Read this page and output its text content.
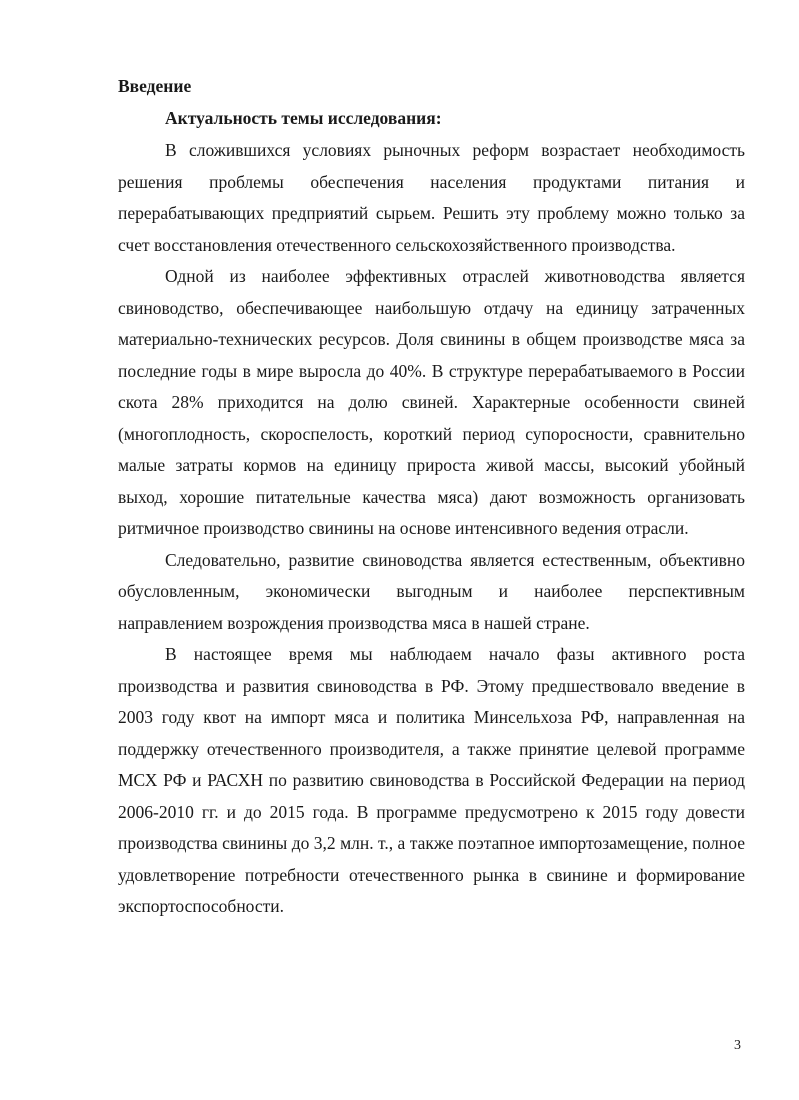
Введение
Актуальность темы исследования:

В сложившихся условиях рыночных реформ возрастает необходимость решения проблемы обеспечения населения продуктами питания и перерабатывающих предприятий сырьем. Решить эту проблему можно только за счет восстановления отечественного сельскохозяйственного производства.

Одной из наиболее эффективных отраслей животноводства является свиноводство, обеспечивающее наибольшую отдачу на единицу затраченных материально-технических ресурсов. Доля свинины в общем производстве мяса за последние годы в мире выросла до 40%. В структуре перерабатываемого в России скота 28% приходится на долю свиней. Характерные особенности свиней (многоплодность, скороспелость, короткий период супоросности, сравнительно малые затраты кормов на единицу прироста живой массы, высокий убойный выход, хорошие питательные качества мяса) дают возможность организовать ритмичное производство свинины на основе интенсивного ведения отрасли.

Следовательно, развитие свиноводства является естественным, объективно обусловленным, экономически выгодным и наиболее перспективным направлением возрождения производства мяса в нашей стране.

В настоящее время мы наблюдаем начало фазы активного роста производства и развития свиноводства в РФ. Этому предшествовало введение в 2003 году квот на импорт мяса и политика Минсельхоза РФ, направленная на поддержку отечественного производителя, а также принятие целевой программе МСХ РФ и РАСХН по развитию свиноводства в Российской Федерации на период 2006-2010 гг. и до 2015 года. В программе предусмотрено к 2015 году довести производства свинины до 3,2 млн. т., а также поэтапное импортозамещение, полное удовлетворение потребности отечественного рынка в свинине и формирование экспортоспособности.

3
